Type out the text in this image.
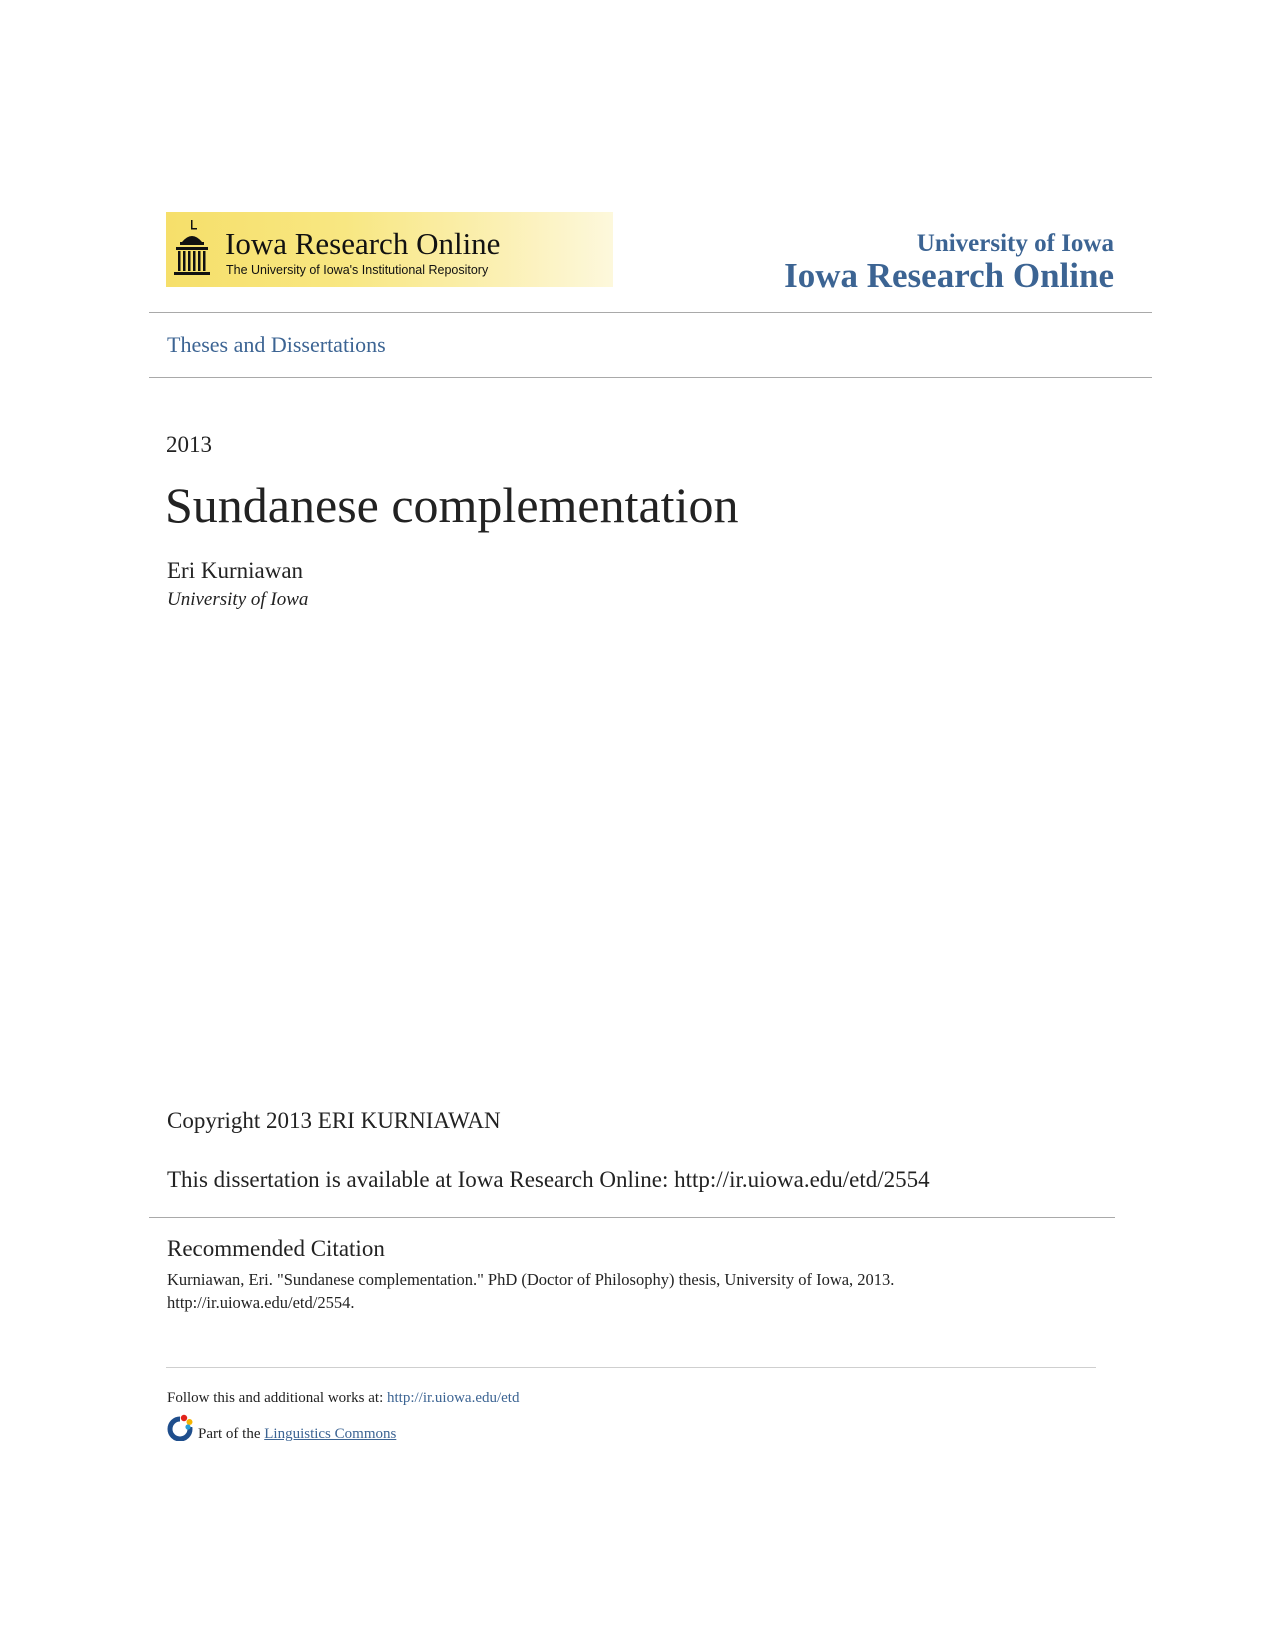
Iowa Research Online
The University of Iowa's Institutional Repository
University of Iowa
Iowa Research Online
Theses and Dissertations
2013
Sundanese complementation
Eri Kurniawan
University of Iowa
Copyright 2013 ERI KURNIAWAN
This dissertation is available at Iowa Research Online: http://ir.uiowa.edu/etd/2554
Recommended Citation
Kurniawan, Eri. "Sundanese complementation." PhD (Doctor of Philosophy) thesis, University of Iowa, 2013.
http://ir.uiowa.edu/etd/2554.
Follow this and additional works at: http://ir.uiowa.edu/etd
Part of the Linguistics Commons
